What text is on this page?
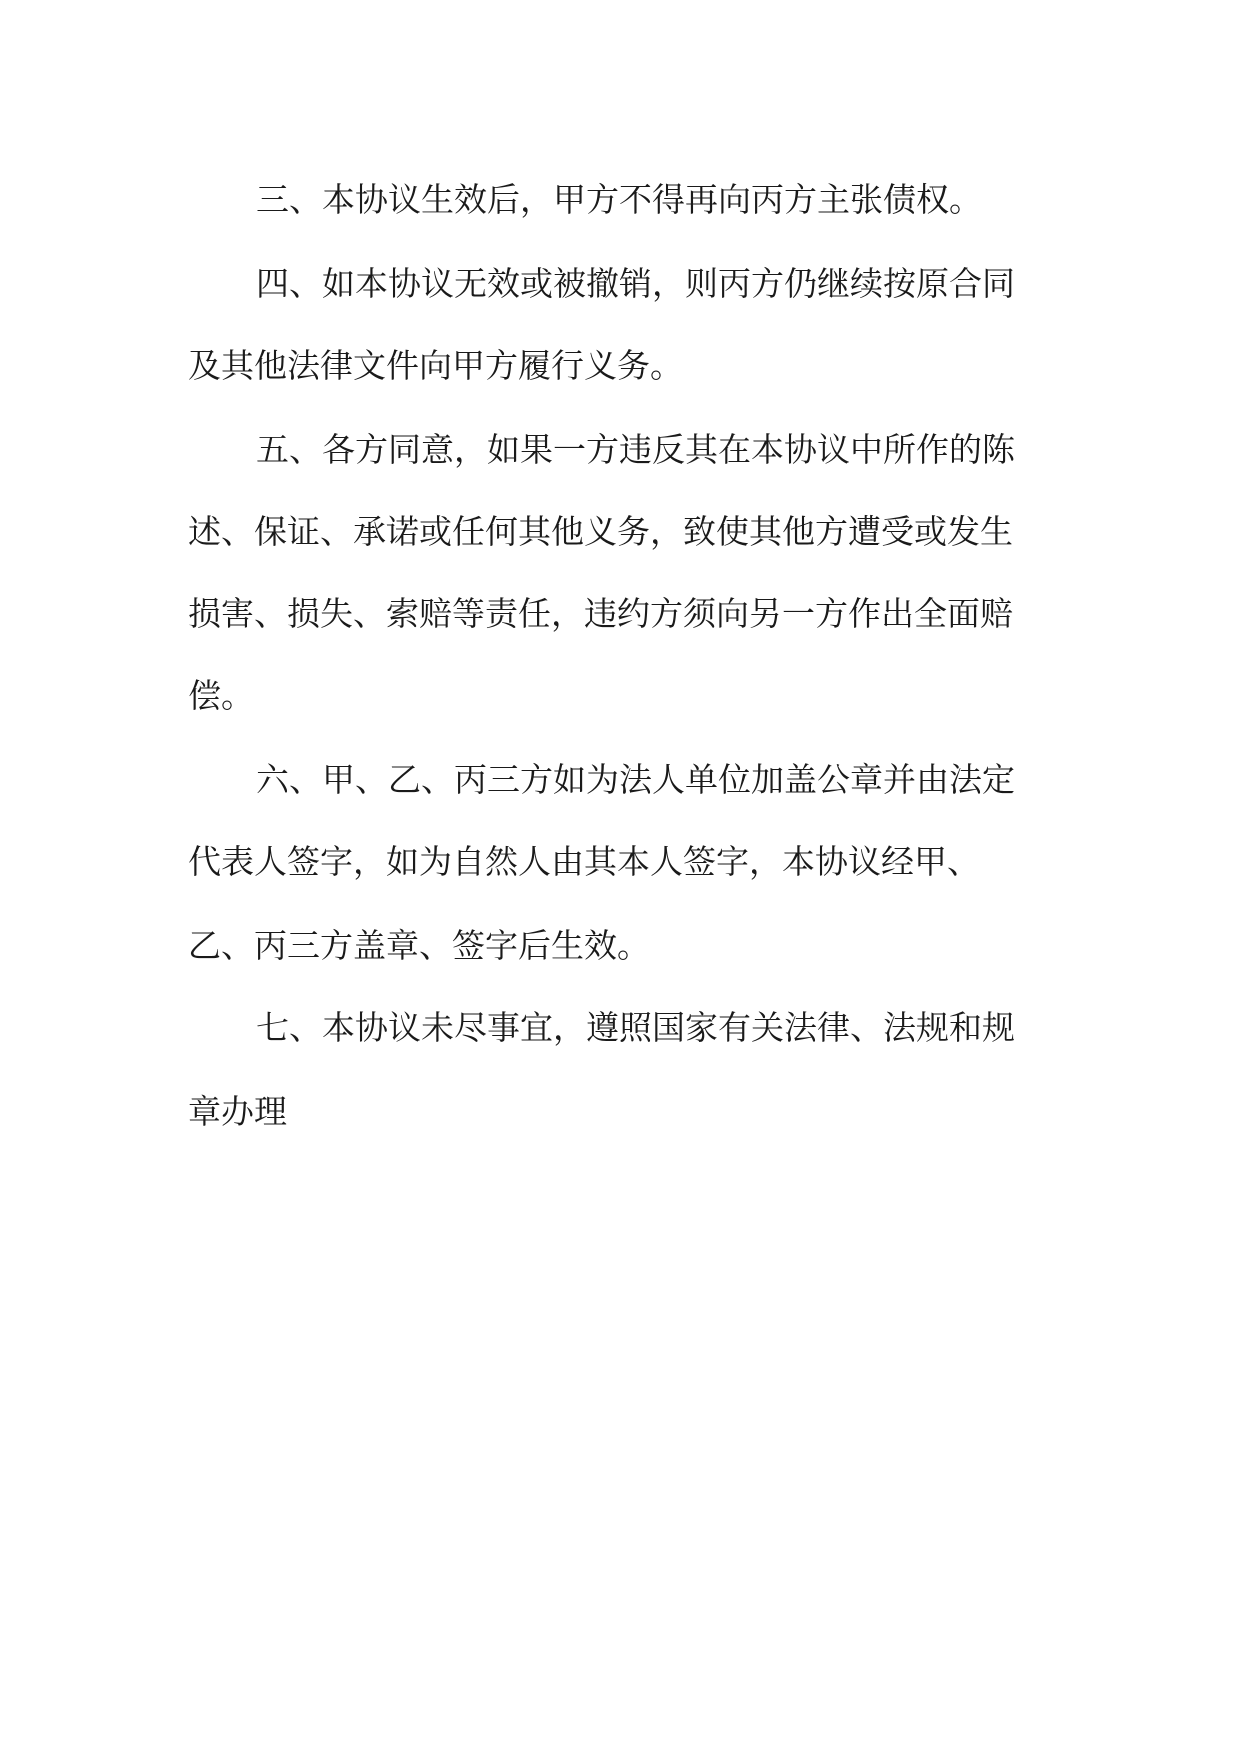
三、本协议生效后，甲方不得再向丙方主张债权。
四、如本协议无效或被撤销，则丙方仍继续按原合同
及其他法律文件向甲方履行义务。
五、各方同意，如果一方违反其在本协议中所作的陈
述、保证、承诺或任何其他义务，致使其他方遭受或发生
损害、损失、索赔等责任，违约方须向另一方作出全面赔
偿。
六、甲、乙、丙三方如为法人单位加盖公章并由法定
代表人签字，如为自然人由其本人签字，本协议经甲、
乙、丙三方盖章、签字后生效。
七、本协议未尽事宜，遵照国家有关法律、法规和规
章办理
